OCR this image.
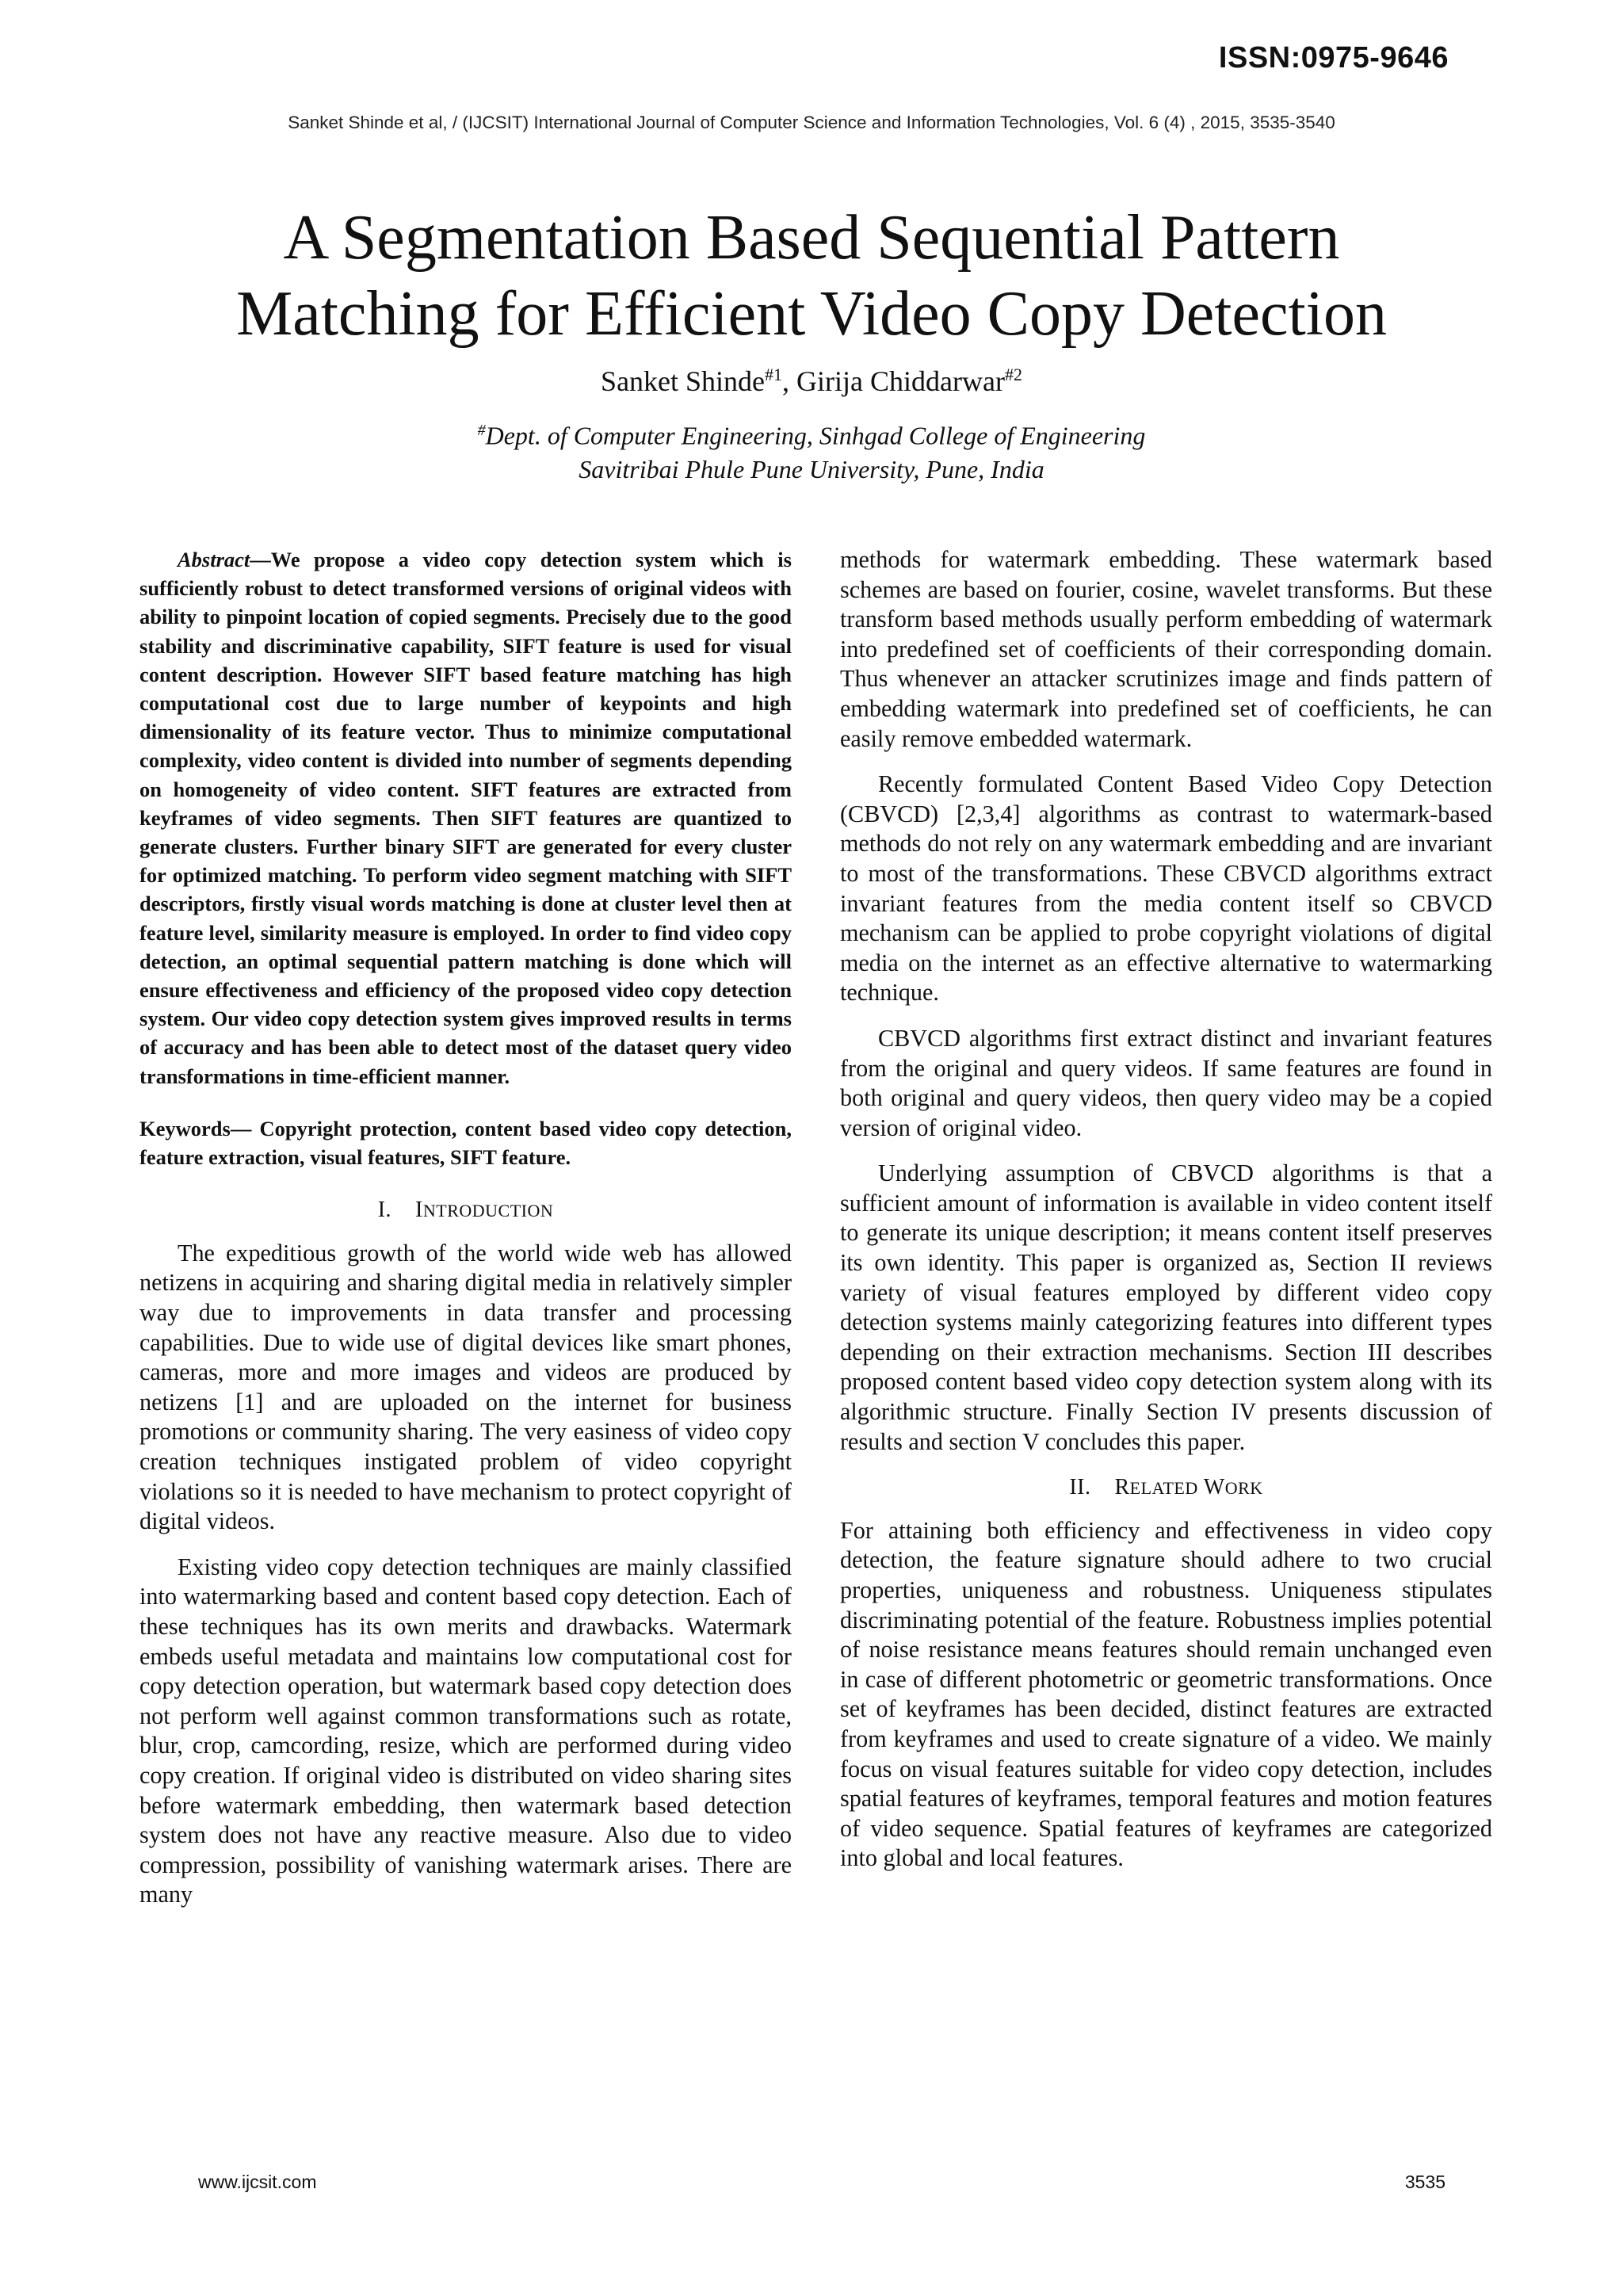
ISSN:0975-9646
Sanket Shinde et al, / (IJCSIT) International Journal of Computer Science and Information Technologies, Vol. 6 (4) , 2015, 3535-3540
A Segmentation Based Sequential Pattern
Matching for Efficient Video Copy Detection
Sanket Shinde$^{\#1}$, Girija Chiddarwar$^{\#2}$
#Dept. of Computer Engineering, Sinhgad College of Engineering
Savitribai Phule Pune University, Pune, India

Abstract—We propose a video copy detection system which is sufficiently robust to detect transformed versions of original videos with ability to pinpoint location of copied segments. Precisely due to the good stability and discriminative capability, SIFT feature is used for visual content description. However SIFT based feature matching has high computational cost due to large number of keypoints and high dimensionality of its feature vector. Thus to minimize computational complexity, video content is divided into number of segments depending on homogeneity of video content. SIFT features are extracted from keyframes of video segments. Then SIFT features are quantized to generate clusters. Further binary SIFT are generated for every cluster for optimized matching. To perform video segment matching with SIFT descriptors, firstly visual words matching is done at cluster level then at feature level, similarity measure is employed. In order to find video copy detection, an optimal sequential pattern matching is done which will ensure effectiveness and efficiency of the proposed video copy detection system. Our video copy detection system gives improved results in terms of accuracy and has been able to detect most of the dataset query video transformations in time-efficient manner.

Keywords— Copyright protection, content based video copy detection, feature extraction, visual features, SIFT feature.

I. INTRODUCTION

The expeditious growth of the world wide web has allowed netizens in acquiring and sharing digital media in relatively simpler way due to improvements in data transfer and processing capabilities. Due to wide use of digital devices like smart phones, cameras, more and more images and videos are produced by netizens [1] and are uploaded on the internet for business promotions or community sharing. The very easiness of video copy creation techniques instigated problem of video copyright violations so it is needed to have mechanism to protect copyright of digital videos.

Existing video copy detection techniques are mainly classified into watermarking based and content based copy detection. Each of these techniques has its own merits and drawbacks. Watermark embeds useful metadata and maintains low computational cost for copy detection operation, but watermark based copy detection does not perform well against common transformations such as rotate, blur, crop, camcording, resize, which are performed during video copy creation. If original video is distributed on video sharing sites before watermark embedding, then watermark based detection system does not have any reactive measure. Also due to video compression, possibility of vanishing watermark arises. There are many

methods for watermark embedding. These watermark based schemes are based on fourier, cosine, wavelet transforms. But these transform based methods usually perform embedding of watermark into predefined set of coefficients of their corresponding domain. Thus whenever an attacker scrutinizes image and finds pattern of embedding watermark into predefined set of coefficients, he can easily remove embedded watermark.

Recently formulated Content Based Video Copy Detection (CBVCD) [2,3,4] algorithms as contrast to watermark-based methods do not rely on any watermark embedding and are invariant to most of the transformations. These CBVCD algorithms extract invariant features from the media content itself so CBVCD mechanism can be applied to probe copyright violations of digital media on the internet as an effective alternative to watermarking technique.

CBVCD algorithms first extract distinct and invariant features from the original and query videos. If same features are found in both original and query videos, then query video may be a copied version of original video.

Underlying assumption of CBVCD algorithms is that a sufficient amount of information is available in video content itself to generate its unique description; it means content itself preserves its own identity. This paper is organized as, Section II reviews variety of visual features employed by different video copy detection systems mainly categorizing features into different types depending on their extraction mechanisms. Section III describes proposed content based video copy detection system along with its algorithmic structure. Finally Section IV presents discussion of results and section V concludes this paper.

II. RELATED WORK

For attaining both efficiency and effectiveness in video copy detection, the feature signature should adhere to two crucial properties, uniqueness and robustness. Uniqueness stipulates discriminating potential of the feature. Robustness implies potential of noise resistance means features should remain unchanged even in case of different photometric or geometric transformations. Once set of keyframes has been decided, distinct features are extracted from keyframes and used to create signature of a video. We mainly focus on visual features suitable for video copy detection, includes spatial features of keyframes, temporal features and motion features of video sequence. Spatial features of keyframes are categorized into global and local features.

www.ijcsit.com	3535
